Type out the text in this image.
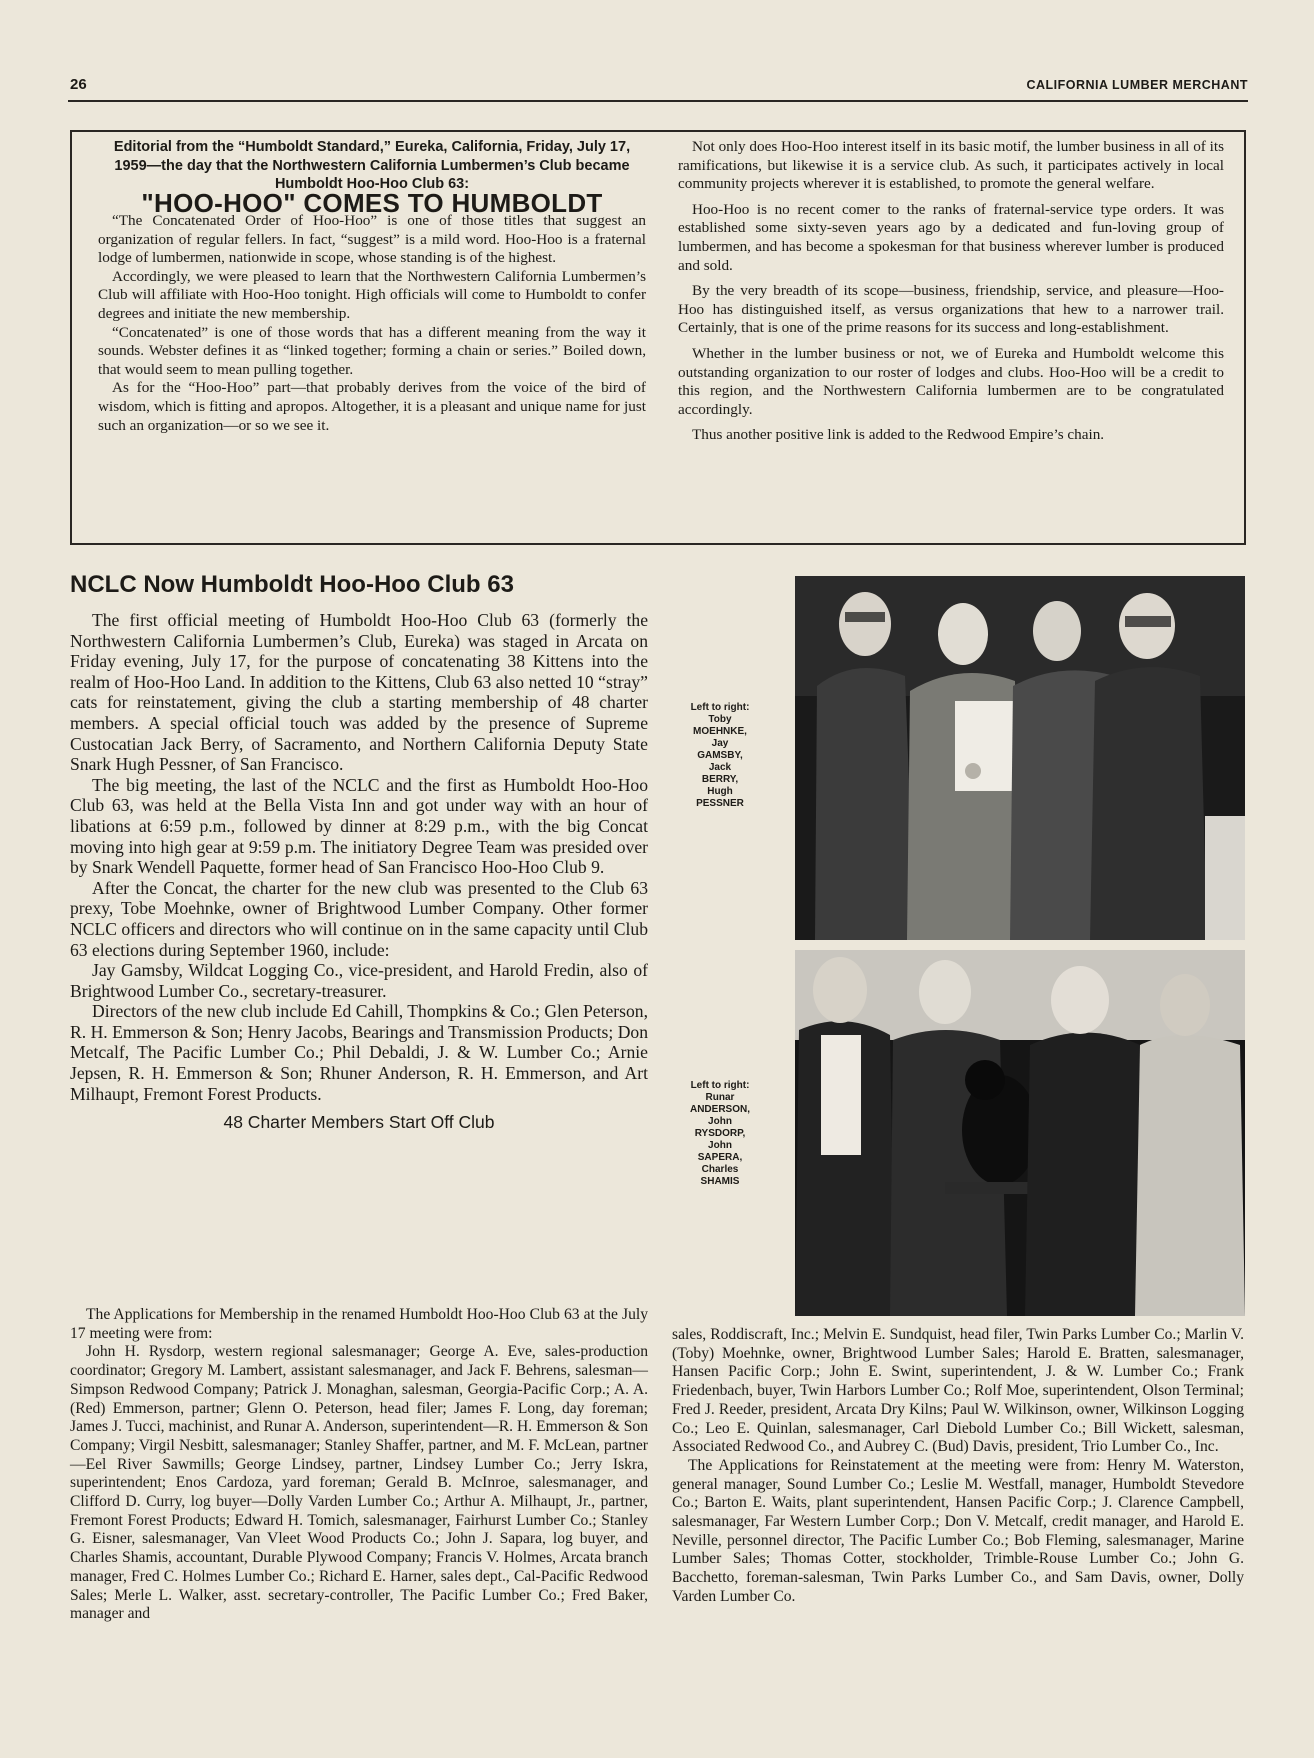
26	CALIFORNIA LUMBER MERCHANT

Editorial from the “Humboldt Standard,” Eureka, California, Friday, July 17, 1959—the day that the Northwestern California Lumbermen’s Club became Humboldt Hoo-Hoo Club 63:

"HOO-HOO" COMES TO HUMBOLDT

“The Concatenated Order of Hoo-Hoo” is one of those titles that suggest an organization of regular fellers. In fact, “suggest” is a mild word. Hoo-Hoo is a fraternal lodge of lumbermen, nationwide in scope, whose standing is of the highest.

Accordingly, we were pleased to learn that the Northwestern California Lumbermen’s Club will affiliate with Hoo-Hoo tonight. High officials will come to Humboldt to confer degrees and initiate the new membership.

“Concatenated” is one of those words that has a different meaning from the way it sounds. Webster defines it as “linked together; forming a chain or series.” Boiled down, that would seem to mean pulling together.

As for the “Hoo-Hoo” part—that probably derives from the voice of the bird of wisdom, which is fitting and apropos. Altogether, it is a pleasant and unique name for just such an organization—or so we see it.

Not only does Hoo-Hoo interest itself in its basic motif, the lumber business in all of its ramifications, but likewise it is a service club. As such, it participates actively in local community projects wherever it is established, to promote the general welfare.

Hoo-Hoo is no recent comer to the ranks of fraternal-service type orders. It was established some sixty-seven years ago by a dedicated and fun-loving group of lumbermen, and has become a spokesman for that business wherever lumber is produced and sold.

By the very breadth of its scope—business, friendship, service, and pleasure—Hoo-Hoo has distinguished itself, as versus organizations that hew to a narrower trail. Certainly, that is one of the prime reasons for its success and long-establishment.

Whether in the lumber business or not, we of Eureka and Humboldt welcome this outstanding organization to our roster of lodges and clubs. Hoo-Hoo will be a credit to this region, and the Northwestern California lumbermen are to be congratulated accordingly.

Thus another positive link is added to the Redwood Empire’s chain.

NCLC Now Humboldt Hoo-Hoo Club 63

The first official meeting of Humboldt Hoo-Hoo Club 63 (formerly the Northwestern California Lumbermen’s Club, Eureka) was staged in Arcata on Friday evening, July 17, for the purpose of concatenating 38 Kittens into the realm of Hoo-Hoo Land. In addition to the Kittens, Club 63 also netted 10 “stray” cats for reinstatement, giving the club a starting membership of 48 charter members. A special official touch was added by the presence of Supreme Custocatian Jack Berry, of Sacramento, and Northern California Deputy State Snark Hugh Pessner, of San Francisco.

The big meeting, the last of the NCLC and the first as Humboldt Hoo-Hoo Club 63, was held at the Bella Vista Inn and got under way with an hour of libations at 6:59 p.m., followed by dinner at 8:29 p.m., with the big Concat moving into high gear at 9:59 p.m. The initiatory Degree Team was presided over by Snark Wendell Paquette, former head of San Francisco Hoo-Hoo Club 9.

After the Concat, the charter for the new club was presented to the Club 63 prexy, Tobe Moehnke, owner of Brightwood Lumber Company. Other former NCLC officers and directors who will continue on in the same capacity until Club 63 elections during September 1960, include:

Jay Gamsby, Wildcat Logging Co., vice-president, and Harold Fredin, also of Brightwood Lumber Co., secretary-treasurer.

Directors of the new club include Ed Cahill, Thompkins & Co.; Glen Peterson, R. H. Emmerson & Son; Henry Jacobs, Bearings and Transmission Products; Don Metcalf, The Pacific Lumber Co.; Phil Debaldi, J. & W. Lumber Co.; Arnie Jepsen, R. H. Emmerson & Son; Rhuner Anderson, R. H. Emmerson, and Art Milhaupt, Fremont Forest Products.

48 Charter Members Start Off Club

The Applications for Membership in the renamed Humboldt Hoo-Hoo Club 63 at the July 17 meeting were from:

John H. Rysdorp, western regional salesmanager; George A. Eve, sales-production coordinator; Gregory M. Lambert, assistant salesmanager, and Jack F. Behrens, salesman—Simpson Redwood Company; Patrick J. Monaghan, salesman, Georgia-Pacific Corp.; A. A. (Red) Emmerson, partner; Glenn O. Peterson, head filer; James F. Long, day foreman; James J. Tucci, machinist, and Runar A. Anderson, superintendent—R. H. Emmerson & Son Company; Virgil Nesbitt, salesmanager; Stanley Shaffer, partner, and M. F. McLean, partner—Eel River Sawmills; George Lindsey, partner, Lindsey Lumber Co.; Jerry Iskra, superintendent; Enos Cardoza, yard foreman; Gerald B. McInroe, salesmanager, and Clifford D. Curry, log buyer—Dolly Varden Lumber Co.; Arthur A. Milhaupt, Jr., partner, Fremont Forest Products; Edward H. Tomich, salesmanager, Fairhurst Lumber Co.; Stanley G. Eisner, salesmanager, Van Vleet Wood Products Co.; John J. Sapara, log buyer, and Charles Shamis, accountant, Durable Plywood Company; Francis V. Holmes, Arcata branch manager, Fred C. Holmes Lumber Co.; Richard E. Harner, sales dept., Cal-Pacific Redwood Sales; Merle L. Walker, asst. secretary-controller, The Pacific Lumber Co.; Fred Baker, manager and

sales, Roddiscraft, Inc.; Melvin E. Sundquist, head filer, Twin Parks Lumber Co.; Marlin V. (Toby) Moehnke, owner, Brightwood Lumber Sales; Harold E. Bratten, salesmanager, Hansen Pacific Corp.; John E. Swint, superintendent, J. & W. Lumber Co.; Frank Friedenbach, buyer, Twin Harbors Lumber Co.; Rolf Moe, superintendent, Olson Terminal; Fred J. Reeder, president, Arcata Dry Kilns; Paul W. Wilkinson, owner, Wilkinson Logging Co.; Leo E. Quinlan, salesmanager, Carl Diebold Lumber Co.; Bill Wickett, salesman, Associated Redwood Co., and Aubrey C. (Bud) Davis, president, Trio Lumber Co., Inc.

The Applications for Reinstatement at the meeting were from: Henry M. Waterston, general manager, Sound Lumber Co.; Leslie M. Westfall, manager, Humboldt Stevedore Co.; Barton E. Waits, plant superintendent, Hansen Pacific Corp.; J. Clarence Campbell, salesmanager, Far Western Lumber Corp.; Don V. Metcalf, credit manager, and Harold E. Neville, personnel director, The Pacific Lumber Co.; Bob Fleming, salesmanager, Marine Lumber Sales; Thomas Cotter, stockholder, Trimble-Rouse Lumber Co.; John G. Bacchetto, foreman-salesman, Twin Parks Lumber Co., and Sam Davis, owner, Dolly Varden Lumber Co.

Left to right:
Toby
MOEHNKE,
Jay
GAMSBY,
Jack
BERRY,
Hugh
PESSNER
Left to right:
Runar
ANDERSON,
John
RYSDORP,
John
SAPERA,
Charles
SHAMIS
